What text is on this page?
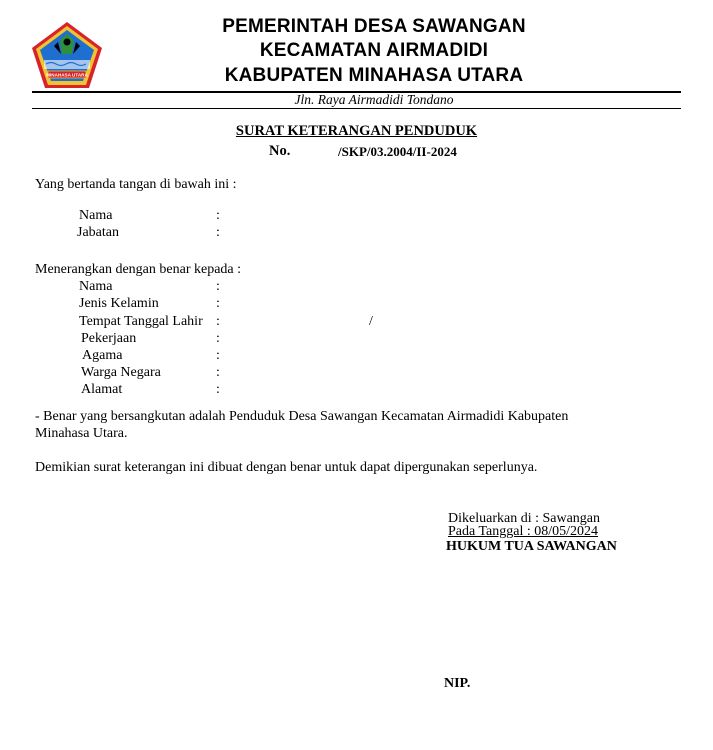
MINAHASA UTARA
PEMERINTAH DESA SAWANGAN
KECAMATAN AIRMADIDI
KABUPATEN MINAHASA UTARA
Jln. Raya Airmadidi Tondano
SURAT KETERANGAN PENDUDUK
No.	/SKP/03.2004/II-2024
Yang bertanda tangan di bawah ini :
Nama	:
Jabatan	:
Menerangkan dengan benar kepada :
Nama	:
Jenis Kelamin	:
Tempat Tanggal Lahir :	/
Pekerjaan	:
Agama	:
Warga Negara	:
Alamat	:
- Benar yang bersangkutan adalah Penduduk Desa Sawangan Kecamatan Airmadidi Kabupaten
Minahasa Utara.
Demikian surat keterangan ini dibuat dengan benar untuk dapat dipergunakan seperlunya.
Dikeluarkan di : Sawangan
Pada Tanggal : 08/05/2024
HUKUM TUA SAWANGAN
NIP.
